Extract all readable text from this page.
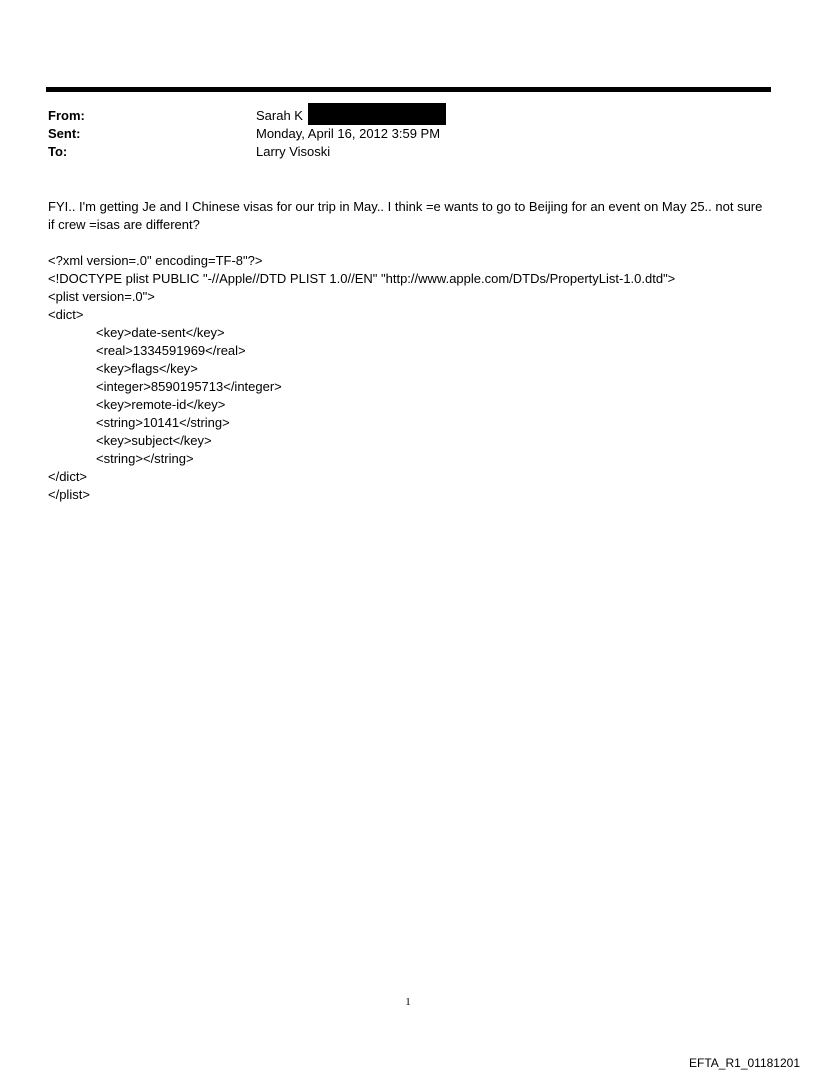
From:	Sarah K
Sent:	Monday, April 16, 2012 3:59 PM
To:	Larry Visoski

FYI.. I'm getting Je and I Chinese visas for our trip in May.. I think =e wants to go to Beijing for an event on May 25.. not sure if crew =isas are different?

<?xml version=.0" encoding=TF-8"?>
<!DOCTYPE plist PUBLIC "-//Apple//DTD PLIST 1.0//EN" "http://www.apple.com/DTDs/PropertyList-1.0.dtd">
<plist version=.0">
<dict>
<key>date-sent</key>
<real>1334591969</real>
<key>flags</key>
<integer>8590195713</integer>
<key>remote-id</key>
<string>10141</string>
<key>subject</key>
<string></string>
</dict>
</plist>
1
EFTA_R1_01181201
